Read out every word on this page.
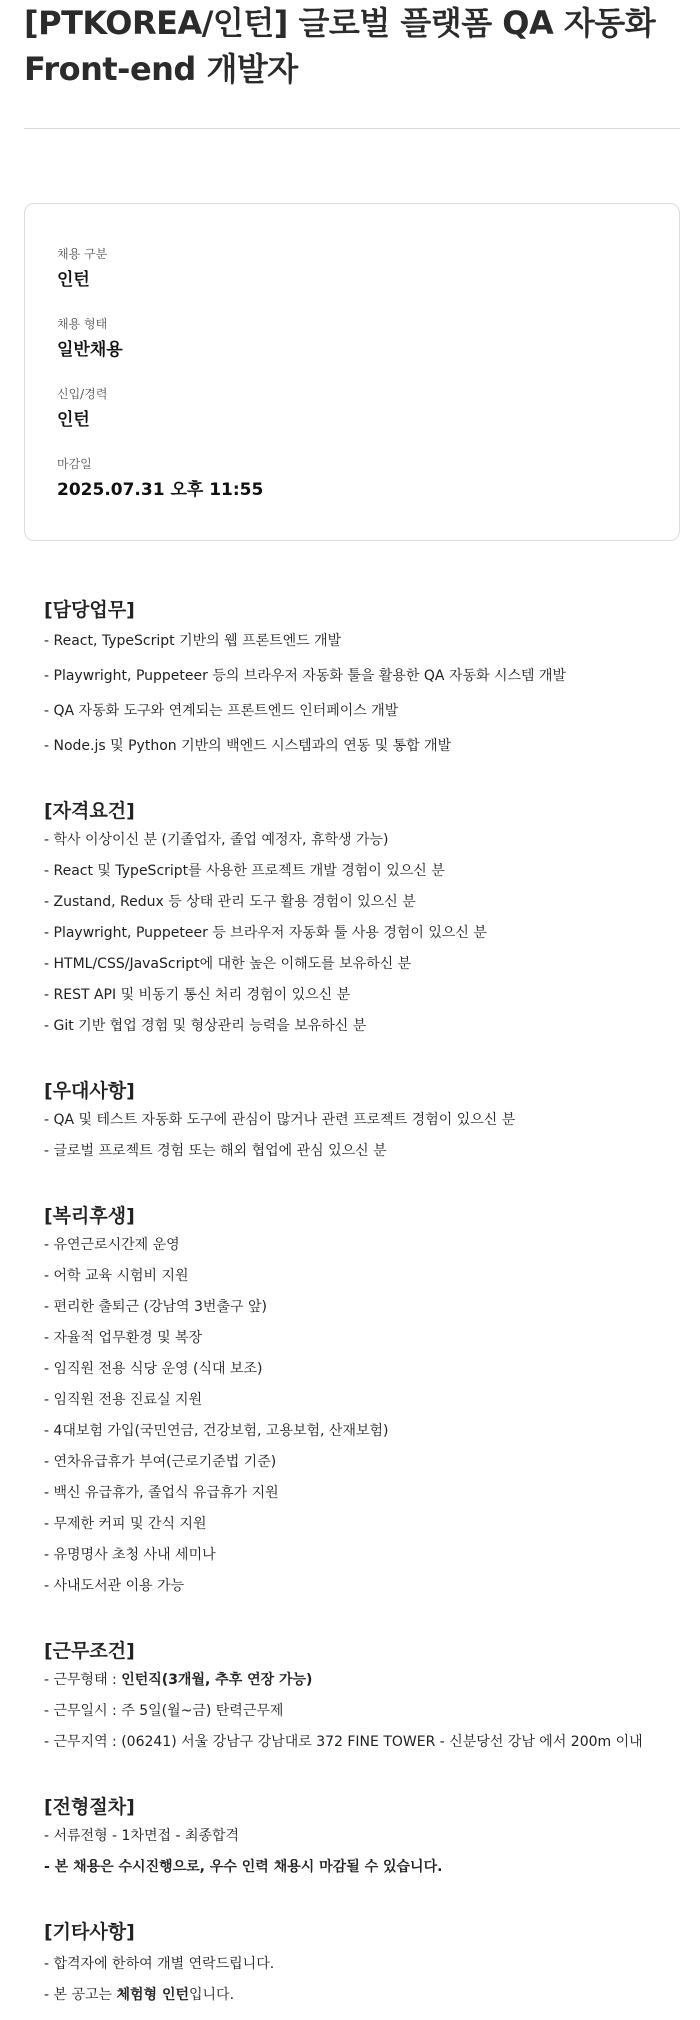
[PTKOREA/인턴] 글로벌 플랫폼 QA 자동화
Front-end 개발자
채용 구분
인턴
채용 형태
일반채용
신입/경력
인턴
마감일
2025.07.31 오후 11:55
[담당업무]
- React, TypeScript 기반의 웹 프론트엔드 개발
- Playwright, Puppeteer 등의 브라우저 자동화 툴을 활용한 QA 자동화 시스템 개발
- QA 자동화 도구와 연계되는 프론트엔드 인터페이스 개발
- Node.js 및 Python 기반의 백엔드 시스템과의 연동 및 통합 개발
[자격요건]
- 학사 이상이신 분 (기졸업자, 졸업 예정자, 휴학생 가능)
- React 및 TypeScript를 사용한 프로젝트 개발 경험이 있으신 분
- Zustand, Redux 등 상태 관리 도구 활용 경험이 있으신 분
- Playwright, Puppeteer 등 브라우저 자동화 툴 사용 경험이 있으신 분
- HTML/CSS/JavaScript에 대한 높은 이해도를 보유하신 분
- REST API 및 비동기 통신 처리 경험이 있으신 분
- Git 기반 협업 경험 및 형상관리 능력을 보유하신 분
[우대사항]
- QA 및 테스트 자동화 도구에 관심이 많거나 관련 프로젝트 경험이 있으신 분
- 글로벌 프로젝트 경험 또는 해외 협업에 관심 있으신 분
[복리후생]
- 유연근로시간제 운영
- 어학 교육 시험비 지원
- 편리한 출퇴근 (강남역 3번출구 앞)
- 자율적 업무환경 및 복장
- 임직원 전용 식당 운영 (식대 보조)
- 임직원 전용 진료실 지원
- 4대보험 가입(국민연금, 건강보험, 고용보험, 산재보험)
- 연차유급휴가 부여(근로기준법 기준)
- 백신 유급휴가, 졸업식 유급휴가 지원
- 무제한 커피 및 간식 지원
- 유명명사 초청 사내 세미나
- 사내도서관 이용 가능
[근무조건]
- 근무형태 : 인턴직(3개월, 추후 연장 가능)
- 근무일시 : 주 5일(월~금) 탄력근무제
- 근무지역 : (06241) 서울 강남구 강남대로 372 FINE TOWER - 신분당선 강남 에서 200m 이내
[전형절차]
- 서류전형 - 1차면접 - 최종합격
- 본 채용은 수시진행으로, 우수 인력 채용시 마감될 수 있습니다.
[기타사항]
- 합격자에 한하여 개별 연락드립니다.
- 본 공고는 체험형 인턴입니다.
